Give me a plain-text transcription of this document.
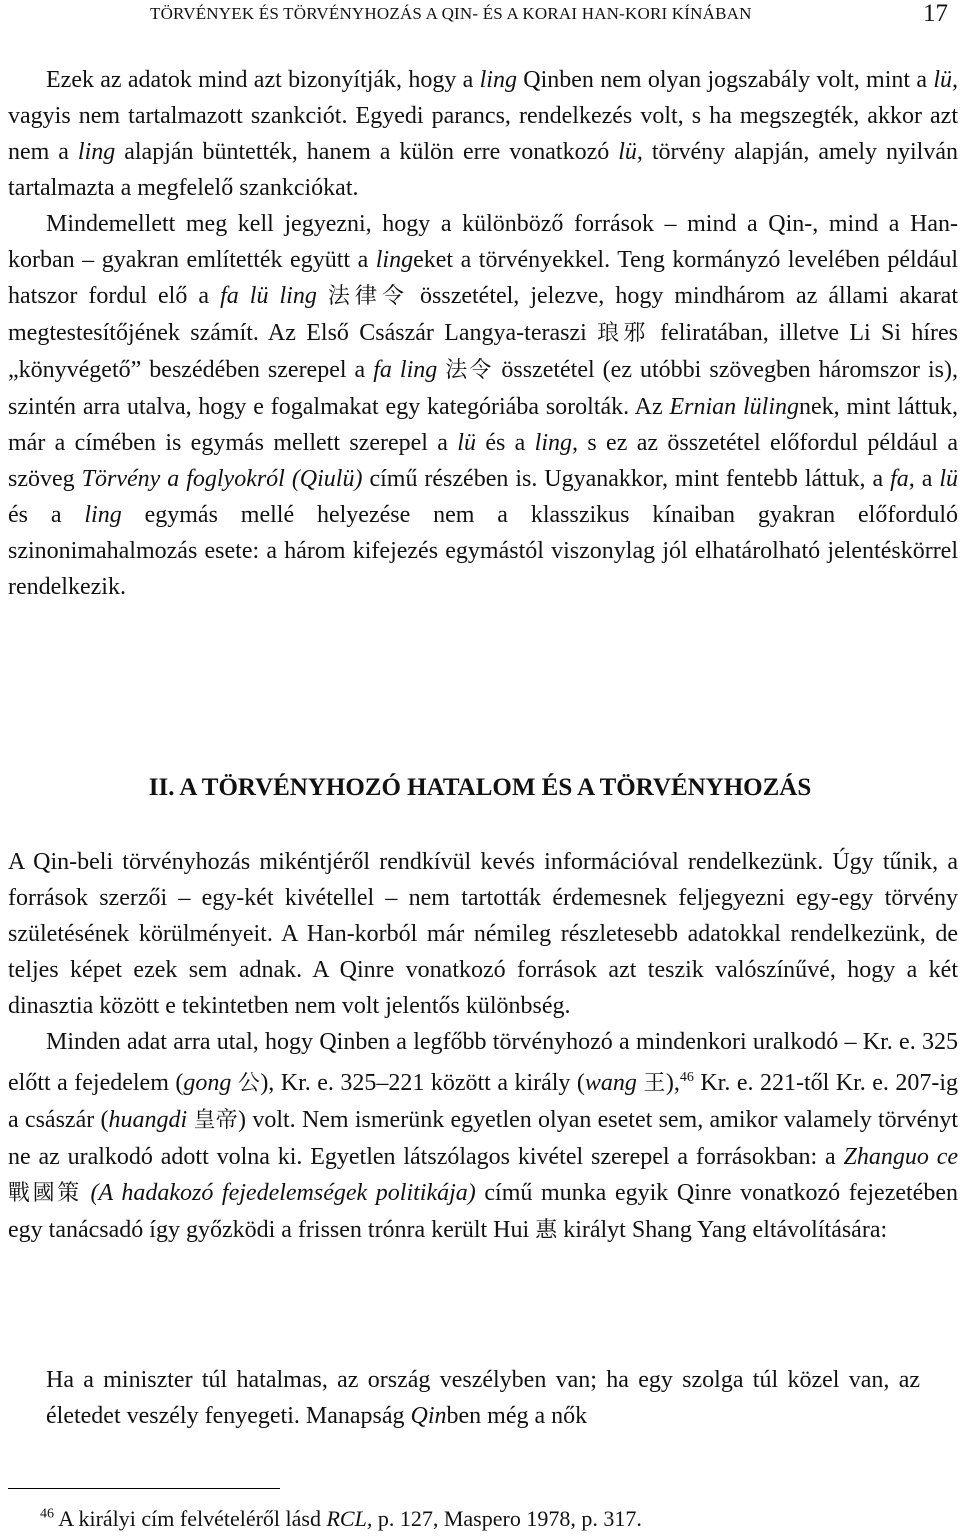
TÖRVÉNYEK ÉS TÖRVÉNYHOZÁS A QIN- ÉS A KORAI HAN-KORI KÍNÁBAN	17

Ezek az adatok mind azt bizonyítják, hogy a ling Qinben nem olyan jogszabály volt, mint a lü, vagyis nem tartalmazott szankciót. Egyedi parancs, rendelkezés volt, s ha megszegték, akkor azt nem a ling alapján büntették, hanem a külön erre vonatkozó lü, törvény alapján, amely nyilván tartalmazta a megfelelő szankciókat.

Mindemellett meg kell jegyezni, hogy a különböző források – mind a Qin-, mind a Han-korban – gyakran említették együtt a lingeket a törvényekkel. Teng kormányzó levelében például hatszor fordul elő a fa lü ling 法律令 összetétel, jelezve, hogy mindhárom az állami akarat megtestesítőjének számít. Az Első Császár Langya-teraszi 琅邪 feliratában, illetve Li Si híres „könyvégető” beszédében szerepel a fa ling 法令 összetétel (ez utóbbi szövegben háromszor is), szintén arra utalva, hogy e fogalmakat egy kategóriába sorolták. Az Ernian lülingnek, mint láttuk, már a címében is egymás mellett szerepel a lü és a ling, s ez az összetétel előfordul például a szöveg Törvény a foglyokról (Qiulü) című részében is. Ugyanakkor, mint fentebb láttuk, a fa, a lü és a ling egymás mellé helyezése nem a klasszikus kínaiban gyakran előforduló szinonimahalmozás esete: a három kifejezés egymástól viszonylag jól elhatárolható jelentéskörrel rendelkezik.

II. A TÖRVÉNYHOZÓ HATALOM ÉS A TÖRVÉNYHOZÁS

A Qin-beli törvényhozás mikéntjéről rendkívül kevés információval rendelkezünk. Úgy tűnik, a források szerzői – egy-két kivétellel – nem tartották érdemesnek feljegyezni egy-egy törvény születésének körülményeit. A Han-korból már némileg részletesebb adatokkal rendelkezünk, de teljes képet ezek sem adnak. A Qinre vonatkozó források azt teszik valószínűvé, hogy a két dinasztia között e tekintetben nem volt jelentős különbség.

Minden adat arra utal, hogy Qinben a legfőbb törvényhozó a mindenkori uralkodó – Kr. e. 325 előtt a fejedelem (gong 公), Kr. e. 325–221 között a király (wang 王),$^{46}$ Kr. e. 221-től Kr. e. 207-ig a császár (huangdi 皇帝) volt. Nem ismerünk egyetlen olyan esetet sem, amikor valamely törvényt ne az uralkodó adott volna ki. Egyetlen látszólagos kivétel szerepel a forrásokban: a Zhanguo ce 戰國策 (A hadakozó fejedelemségek politikája) című munka egyik Qinre vonatkozó fejezetében egy tanácsadó így győzködi a frissen trónra került Hui 惠 királyt Shang Yang eltávolítására:

Ha a miniszter túl hatalmas, az ország veszélyben van; ha egy szolga túl közel van, az életedet veszély fenyegeti. Manapság Qinben még a nők
$^{46}$ A királyi cím felvételéről lásd RCL, p. 127, Maspero 1978, p. 317.
